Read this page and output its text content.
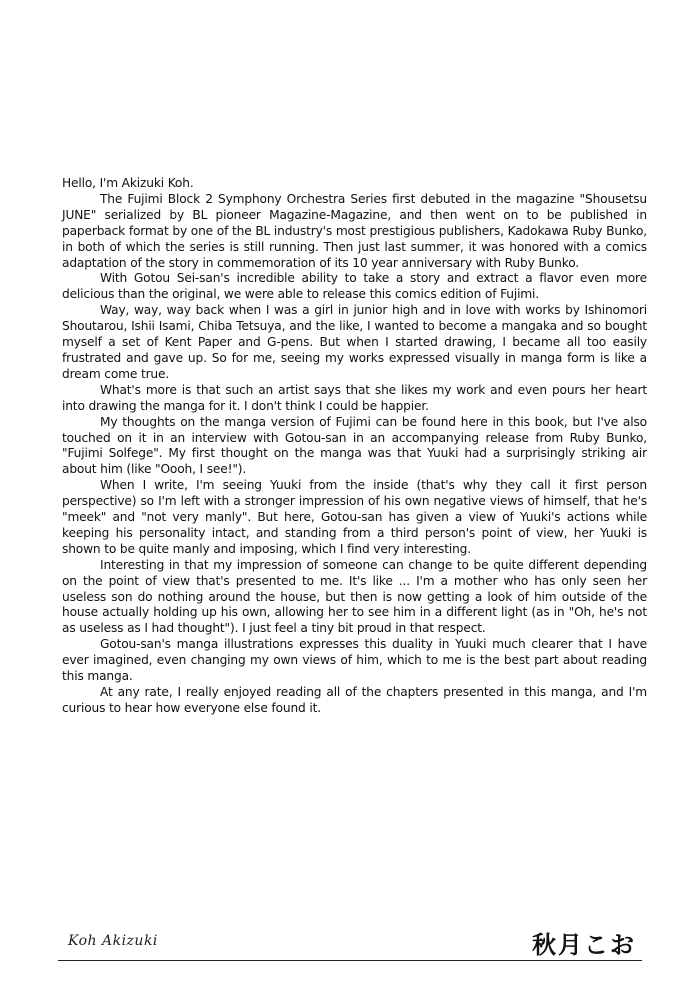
Hello, I'm Akizuki Koh.

The Fujimi Block 2 Symphony Orchestra Series first debuted in the magazine "Shousetsu JUNE" serialized by BL pioneer Magazine-Magazine, and then went on to be published in paperback format by one of the BL industry's most prestigious publishers, Kadokawa Ruby Bunko, in both of which the series is still running. Then just last summer, it was honored with a comics adaptation of the story in commemoration of its 10 year anniversary with Ruby Bunko.

With Gotou Sei-san's incredible ability to take a story and extract a flavor even more delicious than the original, we were able to release this comics edition of Fujimi.

Way, way, way back when I was a girl in junior high and in love with works by Ishinomori Shoutarou, Ishii Isami, Chiba Tetsuya, and the like, I wanted to become a mangaka and so bought myself a set of Kent Paper and G-pens. But when I started drawing, I became all too easily frustrated and gave up. So for me, seeing my works expressed visually in manga form is like a dream come true.

What's more is that such an artist says that she likes my work and even pours her heart into drawing the manga for it. I don't think I could be happier.

My thoughts on the manga version of Fujimi can be found here in this book, but I've also touched on it in an interview with Gotou-san in an accompanying release from Ruby Bunko, "Fujimi Solfege". My first thought on the manga was that Yuuki had a surprisingly striking air about him (like "Oooh, I see!").

When I write, I'm seeing Yuuki from the inside (that's why they call it first person perspective) so I'm left with a stronger impression of his own negative views of himself, that he's "meek" and "not very manly". But here, Gotou-san has given a view of Yuuki's actions while keeping his personality intact, and standing from a third person's point of view, her Yuuki is shown to be quite manly and imposing, which I find very interesting.

Interesting in that my impression of someone can change to be quite different depending on the point of view that's presented to me. It's like ... I'm a mother who has only seen her useless son do nothing around the house, but then is now getting a look of him outside of the house actually holding up his own, allowing her to see him in a different light (as in "Oh, he's not as useless as I had thought"). I just feel a tiny bit proud in that respect.

Gotou-san's manga illustrations expresses this duality in Yuuki much clearer that I have ever imagined, even changing my own views of him, which to me is the best part about reading this manga.

At any rate, I really enjoyed reading all of the chapters presented in this manga, and I'm curious to hear how everyone else found it.

Koh Akizuki	秋月こお
